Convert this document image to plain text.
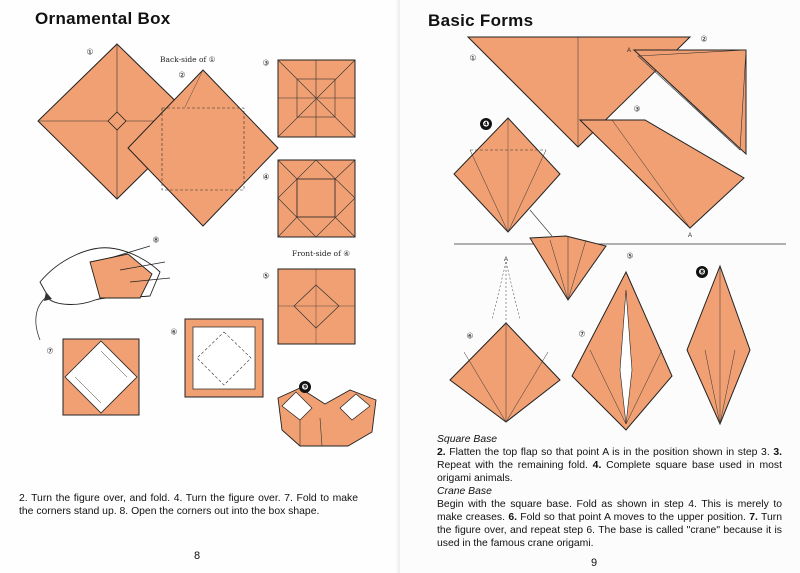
Ornamental Box
①
Back-side of ①
②
③
④
Front-side of ④
⑤
⑥
⑦
⑧
❾
2. Turn the figure over, and fold. 4. Turn the figure over. 7. Fold to make the corners stand up. 8. Open the corners out into the box shape.
8
Basic Forms
①
A
②
A
③
❹
⑤
A
⑥	⑦
❽
Square Base
2. Flatten the top flap so that point A is in the position shown in step 3. 3. Repeat with the remaining fold. 4. Complete square base used in most origami animals.
Crane Base
Begin with the square base. Fold as shown in step 4. This is merely to make creases. 6. Fold so that point A moves to the upper position. 7. Turn the figure over, and repeat step 6. The base is called "crane" because it is used in the famous crane origami.
9
